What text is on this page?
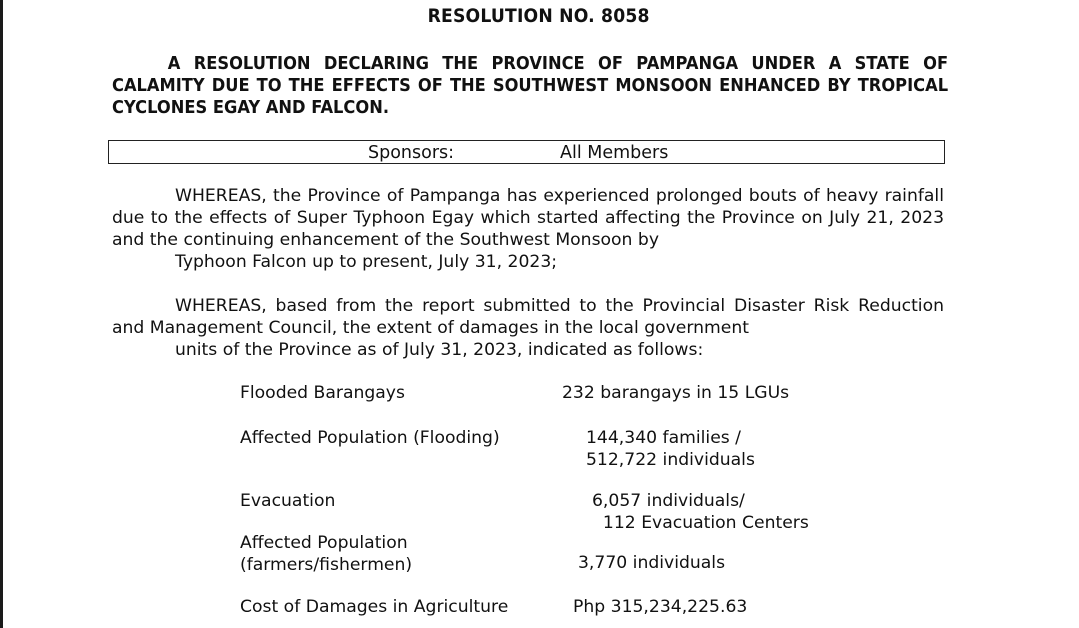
RESOLUTION NO. 8058
A RESOLUTION DECLARING THE PROVINCE OF PAMPANGA UNDER A STATE OF CALAMITY DUE TO THE EFFECTS OF THE SOUTHWEST MONSOON ENHANCED BY TROPICAL CYCLONES EGAY AND FALCON.
Sponsors:	All Members
WHEREAS, the Province of Pampanga has experienced prolonged bouts of heavy rainfall due to the effects of Super Typhoon Egay which started affecting the Province on July 21, 2023 and the continuing enhancement of the Southwest Monsoon by
Typhoon Falcon up to present, July 31, 2023;
WHEREAS, based from the report submitted to the Provincial Disaster Risk Reduction and Management Council, the extent of damages in the local government
units of the Province as of July 31, 2023, indicated as follows:
Flooded Barangays	232 barangays in 15 LGUs
Affected Population (Flooding)	144,340 families /
512,722 individuals
Evacuation	6,057 individuals/
112 Evacuation Centers
Affected Population
(farmers/fishermen)	3,770 individuals
Cost of Damages in Agriculture	Php 315,234,225.63
